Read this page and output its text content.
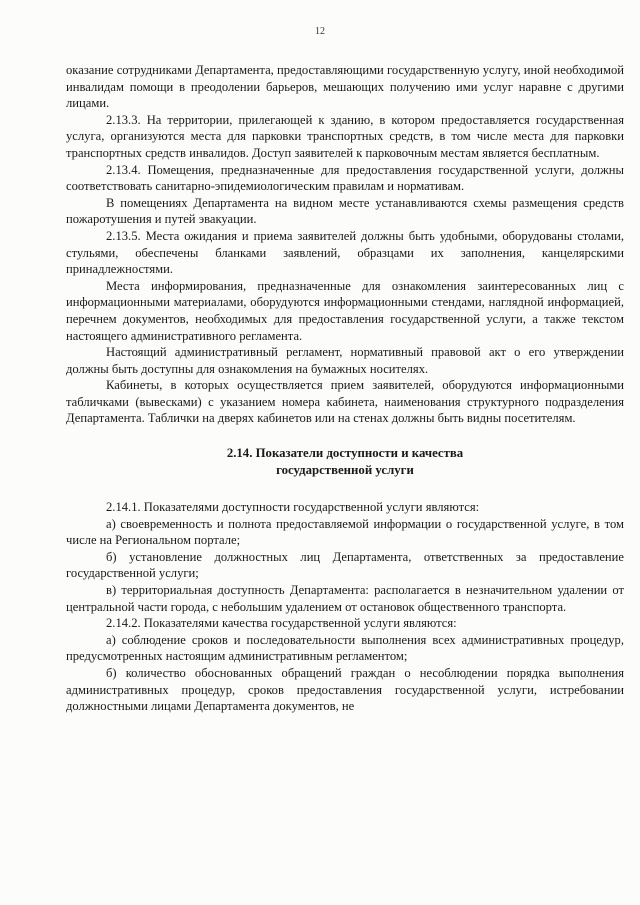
12

оказание сотрудниками Департамента, предоставляющими государственную услугу, иной необходимой инвалидам помощи в преодолении барьеров, мешающих получению ими услуг наравне с другими лицами.

2.13.3. На территории, прилегающей к зданию, в котором предоставляется государственная услуга, организуются места для парковки транспортных средств, в том числе места для парковки транспортных средств инвалидов. Доступ заявителей к парковочным местам является бесплатным.

2.13.4. Помещения, предназначенные для предоставления государственной услуги, должны соответствовать санитарно-эпидемиологическим правилам и нормативам.

В помещениях Департамента на видном месте устанавливаются схемы размещения средств пожаротушения и путей эвакуации.

2.13.5. Места ожидания и приема заявителей должны быть удобными, оборудованы столами, стульями, обеспечены бланками заявлений, образцами их заполнения, канцелярскими принадлежностями.

Места информирования, предназначенные для ознакомления заинтересованных лиц с информационными материалами, оборудуются информационными стендами, наглядной информацией, перечнем документов, необходимых для предоставления государственной услуги, а также текстом настоящего административного регламента.

Настоящий административный регламент, нормативный правовой акт о его утверждении должны быть доступны для ознакомления на бумажных носителях.

Кабинеты, в которых осуществляется прием заявителей, оборудуются информационными табличками (вывесками) с указанием номера кабинета, наименования структурного подразделения Департамента. Таблички на дверях кабинетов или на стенах должны быть видны посетителям.

2.14. Показатели доступности и качества
государственной услуги

2.14.1. Показателями доступности государственной услуги являются:

а) своевременность и полнота предоставляемой информации о государственной услуге, в том числе на Региональном портале;

б) установление должностных лиц Департамента, ответственных за предоставление государственной услуги;

в) территориальная доступность Департамента: располагается в незначительном удалении от центральной части города, с небольшим удалением от остановок общественного транспорта.

2.14.2. Показателями качества государственной услуги являются:

а) соблюдение сроков и последовательности выполнения всех административных процедур, предусмотренных настоящим административным регламентом;

б) количество обоснованных обращений граждан о несоблюдении порядка выполнения административных процедур, сроков предоставления государственной услуги, истребовании должностными лицами Департамента документов, не
